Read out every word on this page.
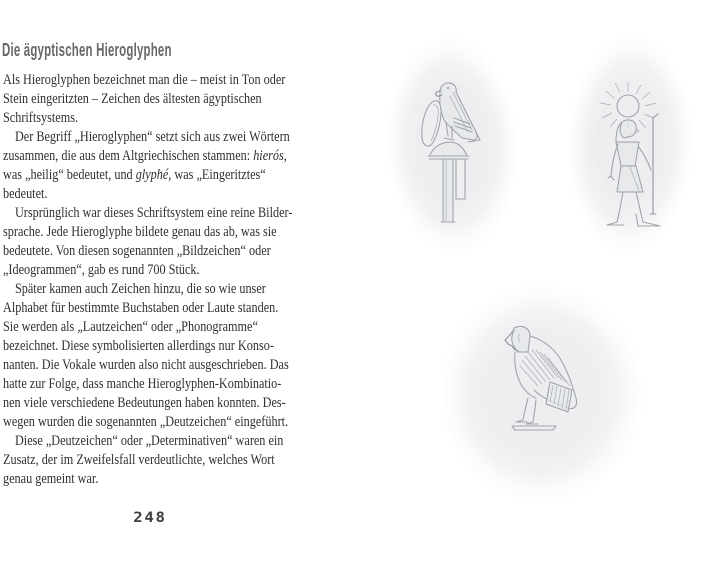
Die ägyptischen Hieroglyphen
Als Hieroglyphen bezeichnet man die – meist in Ton oder
Stein eingeritzten – Zeichen des ältesten ägyptischen
Schriftsystems.
Der Begriff „Hieroglyphen“ setzt sich aus zwei Wörtern
zusammen, die aus dem Altgriechischen stammen: hierós,
was „heilig“ bedeutet, und glyphé, was „Eingeritztes“
bedeutet.
Ursprünglich war dieses Schriftsystem eine reine Bilder-
sprache. Jede Hieroglyphe bildete genau das ab, was sie
bedeutete. Von diesen sogenannten „Bildzeichen“ oder
„Ideogrammen“, gab es rund 700 Stück.
Später kamen auch Zeichen hinzu, die so wie unser
Alphabet für bestimmte Buchstaben oder Laute standen.
Sie werden als „Lautzeichen“ oder „Phonogramme“
bezeichnet. Diese symbolisierten allerdings nur Konso-
nanten. Die Vokale wurden also nicht ausgeschrieben. Das
hatte zur Folge, dass manche Hieroglyphen-Kombinatio-
nen viele verschiedene Bedeutungen haben konnten. Des-
wegen wurden die sogenannten „Deutzeichen“ eingeführt.
Diese „Deutzeichen“ oder „Determinativen“ waren ein
Zusatz, der im Zweifelsfall verdeutlichte, welches Wort
genau gemeint war.
248
